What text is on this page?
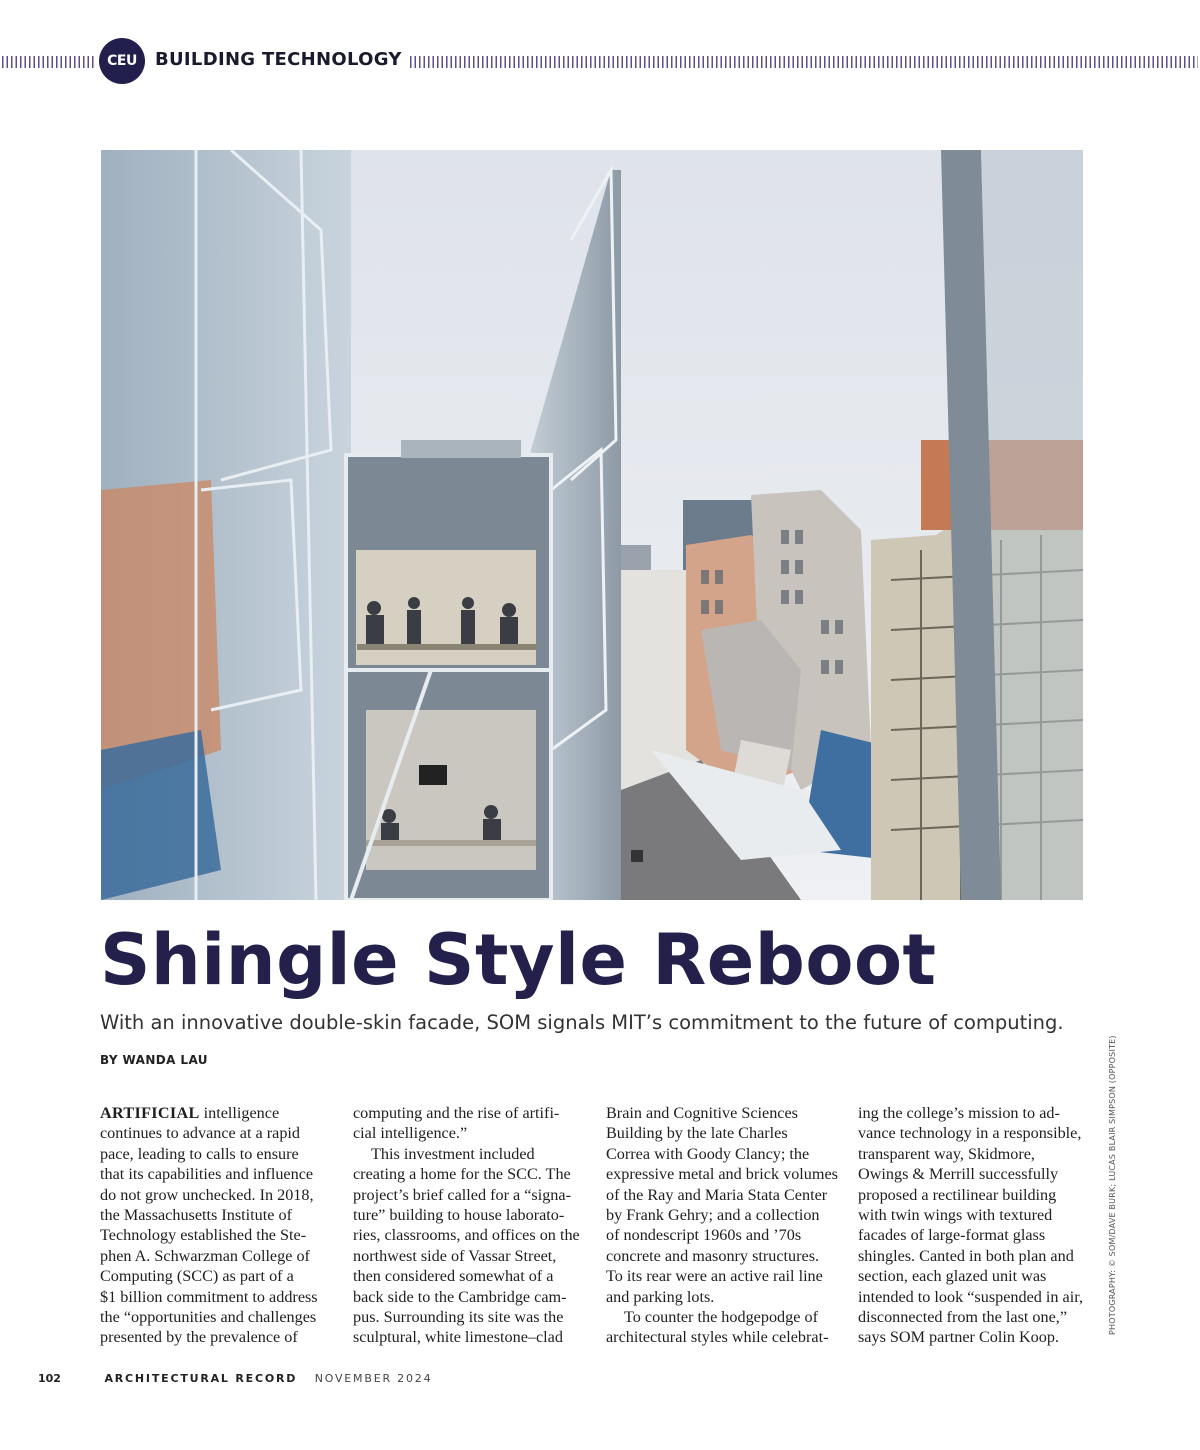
CEU	BUILDING TECHNOLOGY
Shingle Style Reboot
With an innovative double-skin facade, SOM signals MIT’s commitment to the future of computing.
BY WANDA LAU
ARTIFICIAL intelligence
continues to advance at a rapid
pace, leading to calls to ensure
that its capabilities and influence
do not grow unchecked. In 2018,
the Massachusetts Institute of
Technology established the Ste-
phen A. Schwarzman College of
Computing (SCC) as part of a
$1 billion commitment to address
the “opportunities and challenges
presented by the prevalence of
computing and the rise of artifi-
cial intelligence.”
This investment included
creating a home for the SCC. The
project’s brief called for a “signa-
ture” building to house laborato-
ries, classrooms, and offices on the
northwest side of Vassar Street,
then considered somewhat of a
back side to the Cambridge cam-
pus. Surrounding its site was the
sculptural, white limestone–clad
Brain and Cognitive Sciences
Building by the late Charles
Correa with Goody Clancy; the
expressive metal and brick volumes
of the Ray and Maria Stata Center
by Frank Gehry; and a collection
of nondescript 1960s and ’70s
concrete and masonry structures.
To its rear were an active rail line
and parking lots.
To counter the hodgepodge of
architectural styles while celebrat-
ing the college’s mission to ad-
vance technology in a responsible,
transparent way, Skidmore,
Owings & Merrill successfully
proposed a rectilinear building
with twin wings with textured
facades of large-format glass
shingles. Canted in both plan and
section, each glazed unit was
intended to look “suspended in air,
disconnected from the last one,”
says SOM partner Colin Koop.
PHOTOGRAPHY: © SOM/DAVE BURK; LUCAS BLAIR SIMPSON (OPPOSITE)
102	ARCHITECTURAL RECORD NOVEMBER 2024
